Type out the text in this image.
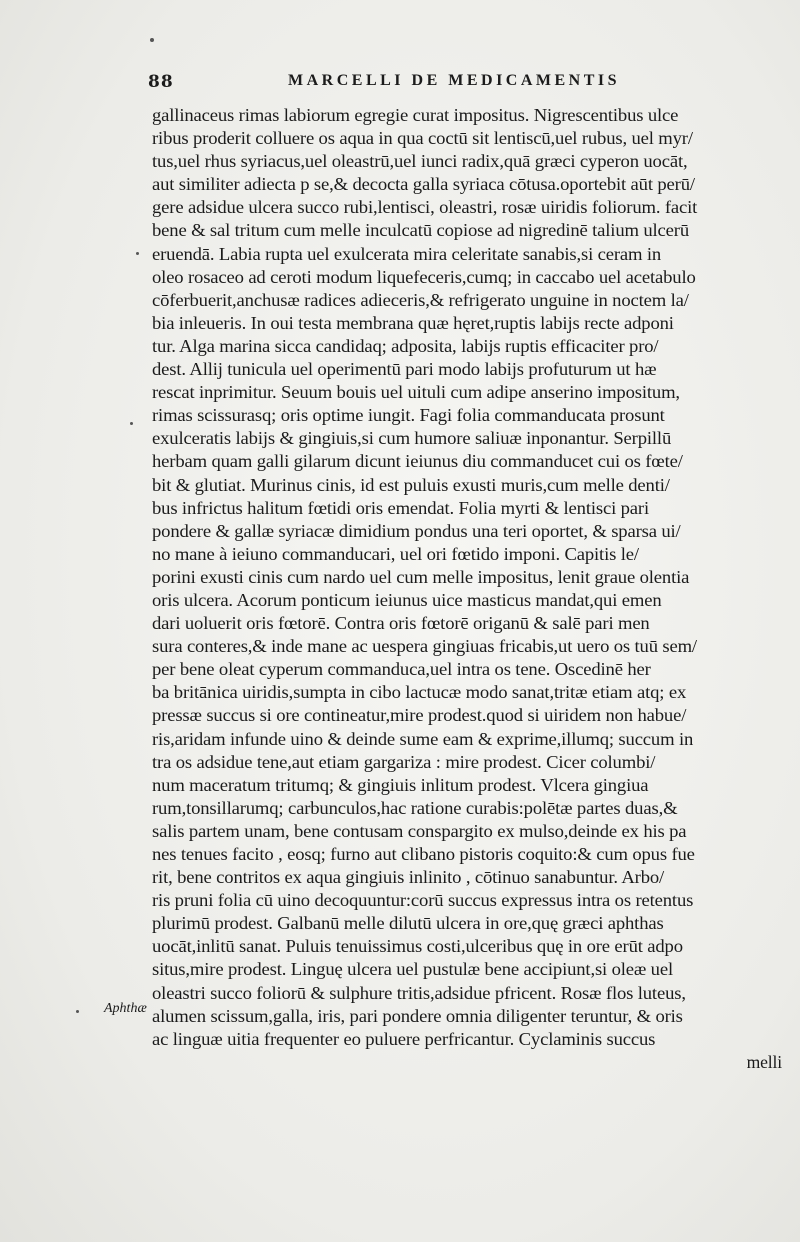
88	MARCELLI DE MEDICAMENTIS
gallinaceus rimas labiorum egregie curat impositus. Nigrescentibus ulce
ribus proderit colluere os aqua in qua coctū sit lentiscū,uel rubus, uel myr/
tus,uel rhus syriacus,uel oleastrū,uel iunci radix,quā græci cyperon uocāt,
aut similiter adiecta p se,& decocta galla syriaca cōtusa.oportebit aūt perū/
gere adsidue ulcera succo rubi,lentisci, oleastri, rosæ uiridis foliorum. facit
bene & sal tritum cum melle inculcatū copiose ad nigredinē talium ulcerū
eruendā. Labia rupta uel exulcerata mira celeritate sanabis,si ceram in
oleo rosaceo ad ceroti modum liquefeceris,cumq; in caccabo uel acetabulo
cōferbuerit,anchusæ radices adieceris,& refrigerato unguine in noctem la/
bia inleueris. In oui testa membrana quæ hęret,ruptis labijs recte adponi
tur. Alga marina sicca candidaq; adposita, labijs ruptis efficaciter pro/
dest. Allij tunicula uel operimentū pari modo labijs profuturum ut hæ
rescat inprimitur. Seuum bouis uel uituli cum adipe anserino impositum,
rimas scissurasq; oris optime iungit. Fagi folia commanducata prosunt
exulceratis labijs & gingiuis,si cum humore saliuæ inponantur. Serpillū
herbam quam galli gilarum dicunt ieiunus diu commanducet cui os fœte/
bit & glutiat. Murinus cinis, id est puluis exusti muris,cum melle denti/
bus infrictus halitum fœtidi oris emendat. Folia myrti & lentisci pari
pondere & gallæ syriacæ dimidium pondus una teri oportet, & sparsa ui/
no mane à ieiuno commanducari, uel ori fœtido imponi. Capitis le/
porini exusti cinis cum nardo uel cum melle impositus, lenit graue olentia
oris ulcera. Acorum ponticum ieiunus uice masticus mandat,qui emen
dari uoluerit oris fœtorē. Contra oris fœtorē origanū & salē pari men
sura conteres,& inde mane ac uespera gingiuas fricabis,ut uero os tuū sem/
per bene oleat cyperum commanduca,uel intra os tene. Oscedinē her
ba britānica uiridis,sumpta in cibo lactucæ modo sanat,tritæ etiam atq; ex
pressæ succus si ore contineatur,mire prodest.quod si uiridem non habue/
ris,aridam infunde uino & deinde sume eam & exprime,illumq; succum in
tra os adsidue tene,aut etiam gargariza : mire prodest. Cicer columbi/
num maceratum tritumq; & gingiuis inlitum prodest. Vlcera gingiua
rum,tonsillarumq; carbunculos,hac ratione curabis:polētæ partes duas,&
salis partem unam, bene contusam conspargito ex mulso,deinde ex his pa
nes tenues facito , eosq; furno aut clibano pistoris coquito:& cum opus fue
rit, bene contritos ex aqua gingiuis inlinito , cōtinuo sanabuntur. Arbo/
ris pruni folia cū uino decoquuntur:corū succus expressus intra os retentus
plurimū prodest. Galbanū melle dilutū ulcera in ore,quę græci aphthas
uocāt,inlitū sanat. Puluis tenuissimus costi,ulceribus quę in ore erūt adpo
situs,mire prodest. Linguę ulcera uel pustulæ bene accipiunt,si oleæ uel
oleastri succo foliorū & sulphure tritis,adsidue pfricent. Rosæ flos luteus,
alumen scissum,galla, iris, pari pondere omnia diligenter teruntur, & oris
ac linguæ uitia frequenter eo puluere perfricantur. Cyclaminis succus
melli
Aphthæ
